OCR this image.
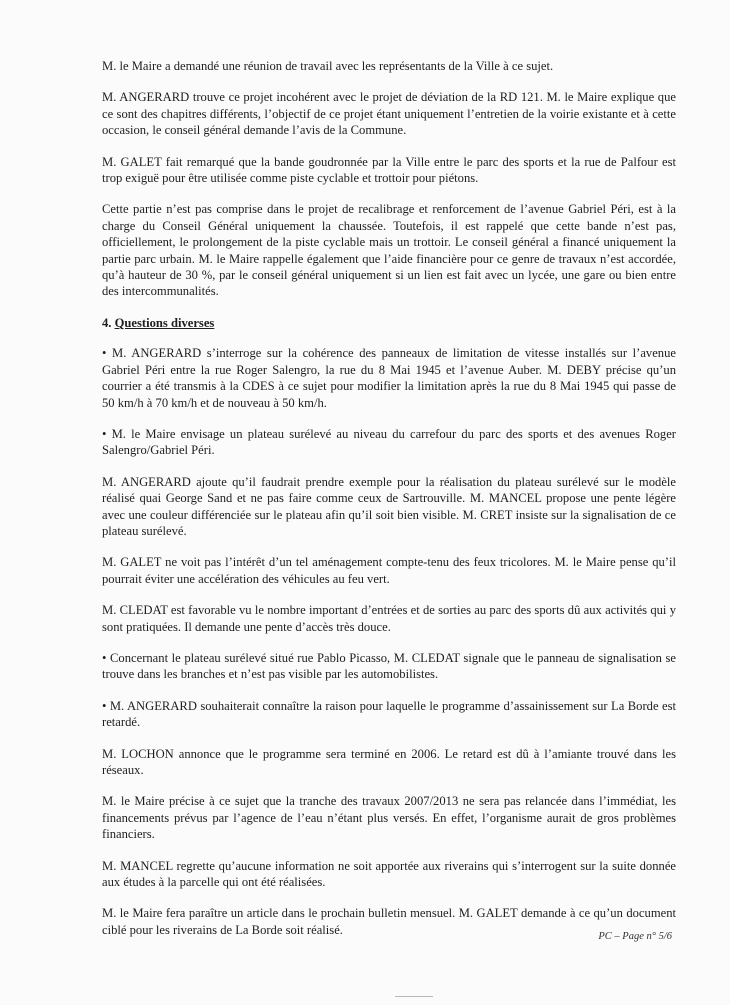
M. le Maire a demandé une réunion de travail avec les représentants de la Ville à ce sujet.

M. ANGERARD trouve ce projet incohérent avec le projet de déviation de la RD 121. M. le Maire explique que ce sont des chapitres différents, l’objectif de ce projet étant uniquement l’entretien de la voirie existante et à cette occasion, le conseil général demande l’avis de la Commune.

M. GALET fait remarqué que la bande goudronnée par la Ville entre le parc des sports et la rue de Palfour est trop exiguë pour être utilisée comme piste cyclable et trottoir pour piétons.

Cette partie n’est pas comprise dans le projet de recalibrage et renforcement de l’avenue Gabriel Péri, est à la charge du Conseil Général uniquement la chaussée. Toutefois, il est rappelé que cette bande n’est pas, officiellement, le prolongement de la piste cyclable mais un trottoir. Le conseil général a financé uniquement la partie parc urbain. M. le Maire rappelle également que l’aide financière pour ce genre de travaux n’est accordée, qu’à hauteur de 30 %, par le conseil général uniquement si un lien est fait avec un lycée, une gare ou bien entre des intercommunalités.

4. Questions diverses

• M. ANGERARD s’interroge sur la cohérence des panneaux de limitation de vitesse installés sur l’avenue Gabriel Péri entre la rue Roger Salengro, la rue du 8 Mai 1945 et l’avenue Auber. M. DEBY précise qu’un courrier a été transmis à la CDES à ce sujet pour modifier la limitation après la rue du 8 Mai 1945 qui passe de 50 km/h à 70 km/h et de nouveau à 50 km/h.

• M. le Maire envisage un plateau surélevé au niveau du carrefour du parc des sports et des avenues Roger Salengro/Gabriel Péri.

M. ANGERARD ajoute qu’il faudrait prendre exemple pour la réalisation du plateau surélevé sur le modèle réalisé quai George Sand et ne pas faire comme ceux de Sartrouville. M. MANCEL propose une pente légère avec une couleur différenciée sur le plateau afin qu’il soit bien visible. M. CRET insiste sur la signalisation de ce plateau surélevé.

M. GALET ne voit pas l’intérêt d’un tel aménagement compte-tenu des feux tricolores. M. le Maire pense qu’il pourrait éviter une accélération des véhicules au feu vert.

M. CLEDAT est favorable vu le nombre important d’entrées et de sorties au parc des sports dû aux activités qui y sont pratiquées. Il demande une pente d’accès très douce.

• Concernant le plateau surélevé situé rue Pablo Picasso, M. CLEDAT signale que le panneau de signalisation se trouve dans les branches et n’est pas visible par les automobilistes.

• M. ANGERARD souhaiterait connaître la raison pour laquelle le programme d’assainissement sur La Borde est retardé.

M. LOCHON annonce que le programme sera terminé en 2006. Le retard est dû à l’amiante trouvé dans les réseaux.

M. le Maire précise à ce sujet que la tranche des travaux 2007/2013 ne sera pas relancée dans l’immédiat, les financements prévus par l’agence de l’eau n’étant plus versés. En effet, l’organisme aurait de gros problèmes financiers.

M. MANCEL regrette qu’aucune information ne soit apportée aux riverains qui s’interrogent sur la suite donnée aux études à la parcelle qui ont été réalisées.

M. le Maire fera paraître un article dans le prochain bulletin mensuel. M. GALET demande à ce qu’un document ciblé pour les riverains de La Borde soit réalisé.	PC – Page n° 5/6
